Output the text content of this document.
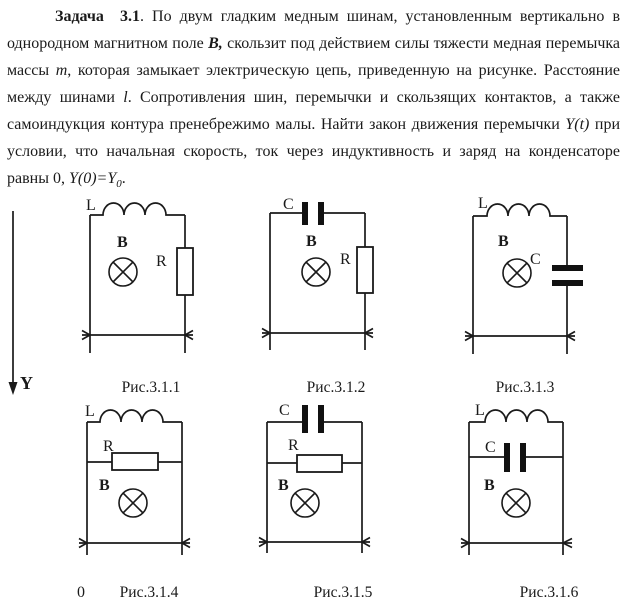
Задача  3.1. По двум гладким медным шинам, установленным вертикально в однородном магнитном поле B, скользит под действием силы тяжести медная перемычка массы m, которая замыкает электрическую цепь, приведенную на рисунке. Расстояние между шинами l. Сопротивления шин, перемычки и скользящих контактов, а также самоиндукция контура пренебрежимо малы. Найти закон движения перемычки Y(t) при условии, что начальная скорость, ток через индуктивность и заряд на конденсаторе равны 0, $Y(0)=Y_0$.

Y
0
L
B
R
C
B
R
L
B
C
L
R
B
C
R
B
L
C
B
Рис.3.1.1	Рис.3.1.2	Рис.3.1.3
Рис.3.1.4	Рис.3.1.5	Рис.3.1.6
